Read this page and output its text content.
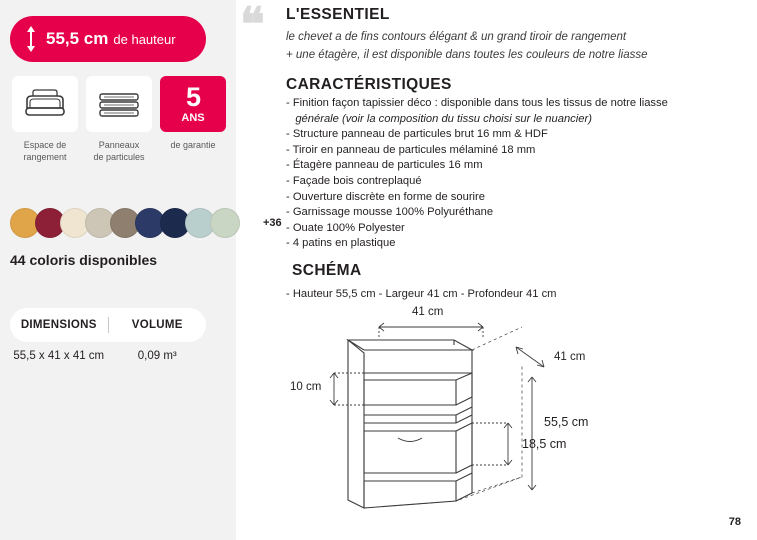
55,5 cm de hauteur
Espace de
rangement
Panneaux
de particules
5
ANS
de garantie
+36
44 coloris disponibles
DIMENSIONS	VOLUME
55,5 x 41 x 41 cm	0,09 m³
❝ L'ESSENTIEL
le chevet a de fins contours élégant & un grand tiroir de rangement
+ une étagère, il est disponible dans toutes les couleurs de notre liasse
CARACTÉRISTIQUES
- Finition façon tapissier déco : disponible dans tous les tissus de notre liasse
générale (voir la composition du tissu choisi sur le nuancier)
- Structure panneau de particules brut 16 mm & HDF
- Tiroir en panneau de particules mélaminé 18 mm
- Étagère panneau de particules 16 mm
- Façade bois contreplaqué
- Ouverture discrète en forme de sourire
- Garnissage mousse 100% Polyuréthane
- Ouate 100% Polyester
- 4 patins en plastique
SCHÉMA
- Hauteur 55,5 cm - Largeur 41 cm - Profondeur 41 cm
41 cm
41 cm
10 cm
55,5 cm
18,5 cm
78
